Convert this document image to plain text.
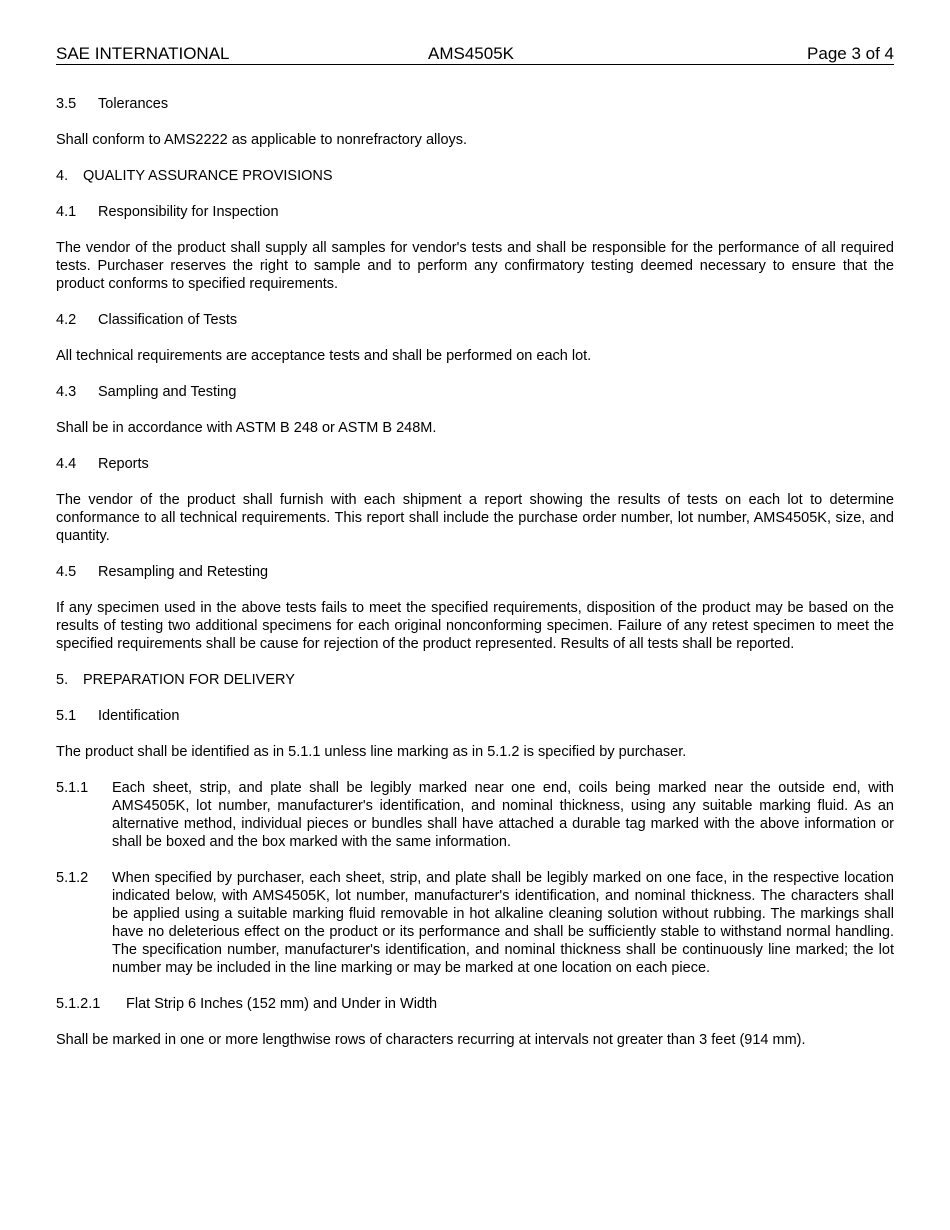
SAE INTERNATIONAL	AMS4505K	Page 3 of 4
3.5 Tolerances

Shall conform to AMS2222 as applicable to nonrefractory alloys.

4. QUALITY ASSURANCE PROVISIONS
4.1 Responsibility for Inspection

The vendor of the product shall supply all samples for vendor's tests and shall be responsible for the performance of all required tests. Purchaser reserves the right to sample and to perform any confirmatory testing deemed necessary to ensure that the product conforms to specified requirements.

4.2 Classification of Tests

All technical requirements are acceptance tests and shall be performed on each lot.

4.3 Sampling and Testing

Shall be in accordance with ASTM B 248 or ASTM B 248M.

4.4 Reports

The vendor of the product shall furnish with each shipment a report showing the results of tests on each lot to determine conformance to all technical requirements. This report shall include the purchase order number, lot number, AMS4505K, size, and quantity.

4.5 Resampling and Retesting

If any specimen used in the above tests fails to meet the specified requirements, disposition of the product may be based on the results of testing two additional specimens for each original nonconforming specimen. Failure of any retest specimen to meet the specified requirements shall be cause for rejection of the product represented. Results of all tests shall be reported.

5. PREPARATION FOR DELIVERY
5.1 Identification

The product shall be identified as in 5.1.1 unless line marking as in 5.1.2 is specified by purchaser.

5.1.1	Each sheet, strip, and plate shall be legibly marked near one end, coils being marked near the outside end, with AMS4505K, lot number, manufacturer's identification, and nominal thickness, using any suitable marking fluid. As an alternative method, individual pieces or bundles shall have attached a durable tag marked with the above information or shall be boxed and the box marked with the same information.
5.1.2	When specified by purchaser, each sheet, strip, and plate shall be legibly marked on one face, in the respective location indicated below, with AMS4505K, lot number, manufacturer's identification, and nominal thickness. The characters shall be applied using a suitable marking fluid removable in hot alkaline cleaning solution without rubbing. The markings shall have no deleterious effect on the product or its performance and shall be sufficiently stable to withstand normal handling. The specification number, manufacturer's identification, and nominal thickness shall be continuously line marked; the lot number may be included in the line marking or may be marked at one location on each piece.
5.1.2.1 Flat Strip 6 Inches (152 mm) and Under in Width

Shall be marked in one or more lengthwise rows of characters recurring at intervals not greater than 3 feet (914 mm).
